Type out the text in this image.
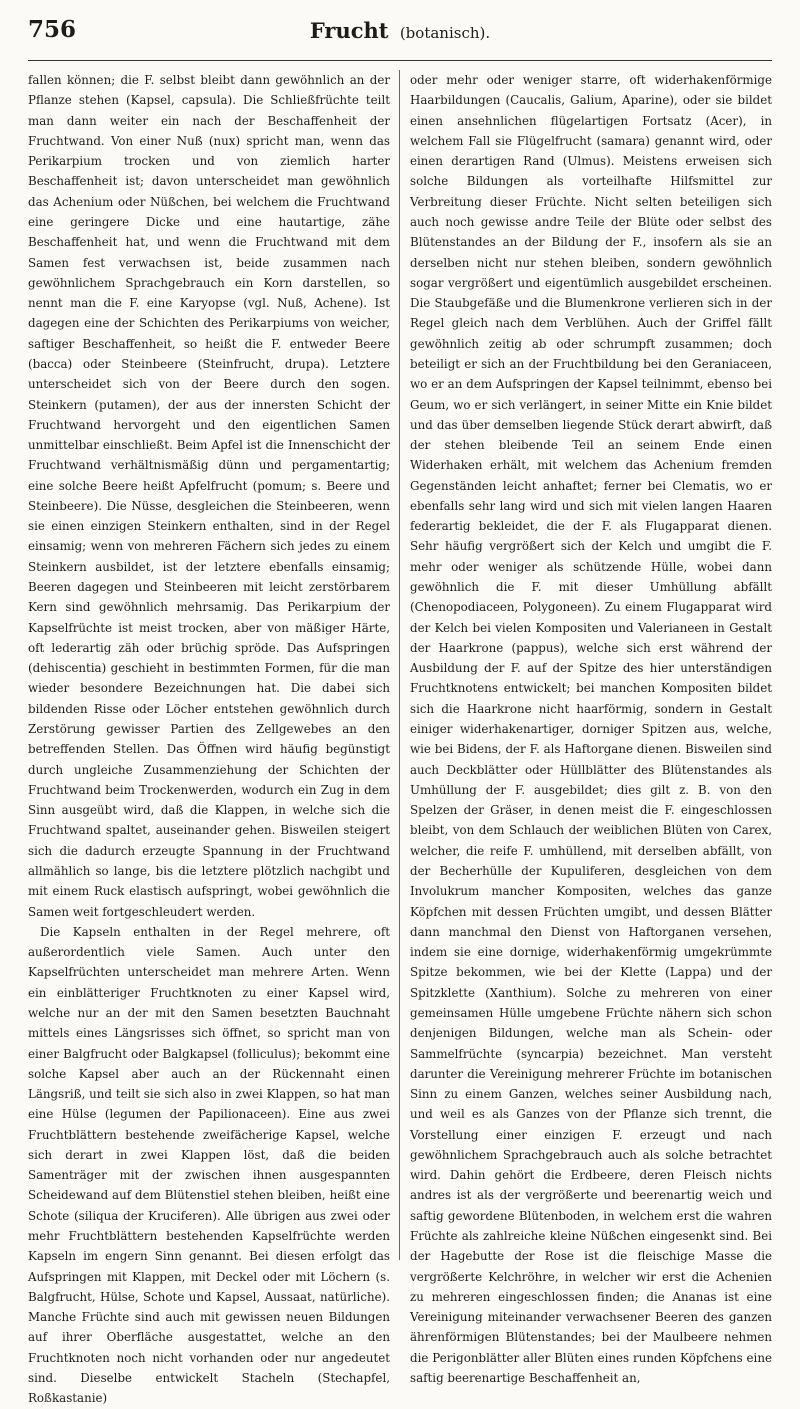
756	Frucht (botanisch).

fallen können; die F. selbst bleibt dann gewöhnlich an der Pflanze stehen (Kapsel, capsula). Die Schließfrüchte teilt man dann weiter ein nach der Beschaffenheit der Fruchtwand. Von einer Nuß (nux) spricht man, wenn das Perikarpium trocken und von ziemlich harter Beschaffenheit ist; davon unterscheidet man gewöhnlich das Achenium oder Nüßchen, bei welchem die Fruchtwand eine geringere Dicke und eine hautartige, zähe Beschaffenheit hat, und wenn die Fruchtwand mit dem Samen fest verwachsen ist, beide zusammen nach gewöhnlichem Sprachgebrauch ein Korn darstellen, so nennt man die F. eine Karyopse (vgl. Nuß, Achene). Ist dagegen eine der Schichten des Perikarpiums von weicher, saftiger Beschaffenheit, so heißt die F. entweder Beere (bacca) oder Steinbeere (Steinfrucht, drupa). Letztere unterscheidet sich von der Beere durch den sogen. Steinkern (putamen), der aus der innersten Schicht der Fruchtwand hervorgeht und den eigentlichen Samen unmittelbar einschließt. Beim Apfel ist die Innenschicht der Fruchtwand verhältnismäßig dünn und pergamentartig; eine solche Beere heißt Apfelfrucht (pomum; s. Beere und Steinbeere). Die Nüsse, desgleichen die Steinbeeren, wenn sie einen einzigen Steinkern enthalten, sind in der Regel einsamig; wenn von mehreren Fächern sich jedes zu einem Steinkern ausbildet, ist der letztere ebenfalls einsamig; Beeren dagegen und Steinbeeren mit leicht zerstörbarem Kern sind gewöhnlich mehrsamig. Das Perikarpium der Kapselfrüchte ist meist trocken, aber von mäßiger Härte, oft lederartig zäh oder brüchig spröde. Das Aufspringen (dehiscentia) geschieht in bestimmten Formen, für die man wieder besondere Bezeichnungen hat. Die dabei sich bildenden Risse oder Löcher entstehen gewöhnlich durch Zerstörung gewisser Partien des Zellgewebes an den betreffenden Stellen. Das Öffnen wird häufig begünstigt durch ungleiche Zusammenziehung der Schichten der Fruchtwand beim Trockenwerden, wodurch ein Zug in dem Sinn ausgeübt wird, daß die Klappen, in welche sich die Fruchtwand spaltet, auseinander gehen. Bisweilen steigert sich die dadurch erzeugte Spannung in der Fruchtwand allmählich so lange, bis die letztere plötzlich nachgibt und mit einem Ruck elastisch aufspringt, wobei gewöhnlich die Samen weit fortgeschleudert werden.

Die Kapseln enthalten in der Regel mehrere, oft außerordentlich viele Samen. Auch unter den Kapselfrüchten unterscheidet man mehrere Arten. Wenn ein einblätteriger Fruchtknoten zu einer Kapsel wird, welche nur an der mit den Samen besetzten Bauchnaht mittels eines Längsrisses sich öffnet, so spricht man von einer Balgfrucht oder Balgkapsel (folliculus); bekommt eine solche Kapsel aber auch an der Rückennaht einen Längsriß, und teilt sie sich also in zwei Klappen, so hat man eine Hülse (legumen der Papilionaceen). Eine aus zwei Fruchtblättern bestehende zweifächerige Kapsel, welche sich derart in zwei Klappen löst, daß die beiden Samenträger mit der zwischen ihnen ausgespannten Scheidewand auf dem Blütenstiel stehen bleiben, heißt eine Schote (siliqua der Kruciferen). Alle übrigen aus zwei oder mehr Fruchtblättern bestehenden Kapselfrüchte werden Kapseln im engern Sinn genannt. Bei diesen erfolgt das Aufspringen mit Klappen, mit Deckel oder mit Löchern (s. Balgfrucht, Hülse, Schote und Kapsel, Aussaat, natürliche). Manche Früchte sind auch mit gewissen neuen Bildungen auf ihrer Oberfläche ausgestattet, welche an den Fruchtknoten noch nicht vorhanden oder nur angedeutet sind. Dieselbe entwickelt Stacheln (Stechapfel, Roßkastanie)

oder mehr oder weniger starre, oft widerhakenförmige Haarbildungen (Caucalis, Galium, Aparine), oder sie bildet einen ansehnlichen flügelartigen Fortsatz (Acer), in welchem Fall sie Flügelfrucht (samara) genannt wird, oder einen derartigen Rand (Ulmus). Meistens erweisen sich solche Bildungen als vorteilhafte Hilfsmittel zur Verbreitung dieser Früchte. Nicht selten beteiligen sich auch noch gewisse andre Teile der Blüte oder selbst des Blütenstandes an der Bildung der F., insofern als sie an derselben nicht nur stehen bleiben, sondern gewöhnlich sogar vergrößert und eigentümlich ausgebildet erscheinen. Die Staubgefäße und die Blumenkrone verlieren sich in der Regel gleich nach dem Verblühen. Auch der Griffel fällt gewöhnlich zeitig ab oder schrumpft zusammen; doch beteiligt er sich an der Fruchtbildung bei den Geraniaceen, wo er an dem Aufspringen der Kapsel teilnimmt, ebenso bei Geum, wo er sich verlängert, in seiner Mitte ein Knie bildet und das über demselben liegende Stück derart abwirft, daß der stehen bleibende Teil an seinem Ende einen Widerhaken erhält, mit welchem das Achenium fremden Gegenständen leicht anhaftet; ferner bei Clematis, wo er ebenfalls sehr lang wird und sich mit vielen langen Haaren federartig bekleidet, die der F. als Flugapparat dienen. Sehr häufig vergrößert sich der Kelch und umgibt die F. mehr oder weniger als schützende Hülle, wobei dann gewöhnlich die F. mit dieser Umhüllung abfällt (Chenopodiaceen, Polygoneen). Zu einem Flugapparat wird der Kelch bei vielen Kompositen und Valerianeen in Gestalt der Haarkrone (pappus), welche sich erst während der Ausbildung der F. auf der Spitze des hier unterständigen Fruchtknotens entwickelt; bei manchen Kompositen bildet sich die Haarkrone nicht haarförmig, sondern in Gestalt einiger widerhakenartiger, dorniger Spitzen aus, welche, wie bei Bidens, der F. als Haftorgane dienen. Bisweilen sind auch Deckblätter oder Hüllblätter des Blütenstandes als Umhüllung der F. ausgebildet; dies gilt z. B. von den Spelzen der Gräser, in denen meist die F. eingeschlossen bleibt, von dem Schlauch der weiblichen Blüten von Carex, welcher, die reife F. umhüllend, mit derselben abfällt, von der Becherhülle der Kupuliferen, desgleichen von dem Involukrum mancher Kompositen, welches das ganze Köpfchen mit dessen Früchten umgibt, und dessen Blätter dann manchmal den Dienst von Haftorganen versehen, indem sie eine dornige, widerhakenförmig umgekrümmte Spitze bekommen, wie bei der Klette (Lappa) und der Spitzklette (Xanthium). Solche zu mehreren von einer gemeinsamen Hülle umgebene Früchte nähern sich schon denjenigen Bildungen, welche man als Schein- oder Sammelfrüchte (syncarpia) bezeichnet. Man versteht darunter die Vereinigung mehrerer Früchte im botanischen Sinn zu einem Ganzen, welches seiner Ausbildung nach, und weil es als Ganzes von der Pflanze sich trennt, die Vorstellung einer einzigen F. erzeugt und nach gewöhnlichem Sprachgebrauch auch als solche betrachtet wird. Dahin gehört die Erdbeere, deren Fleisch nichts andres ist als der vergrößerte und beerenartig weich und saftig gewordene Blütenboden, in welchem erst die wahren Früchte als zahlreiche kleine Nüßchen eingesenkt sind. Bei der Hagebutte der Rose ist die fleischige Masse die vergrößerte Kelchröhre, in welcher wir erst die Achenien zu mehreren eingeschlossen finden; die Ananas ist eine Vereinigung miteinander verwachsener Beeren des ganzen ährenförmigen Blütenstandes; bei der Maulbeere nehmen die Perigonblätter aller Blüten eines runden Köpfchens eine saftig beerenartige Beschaffenheit an,
